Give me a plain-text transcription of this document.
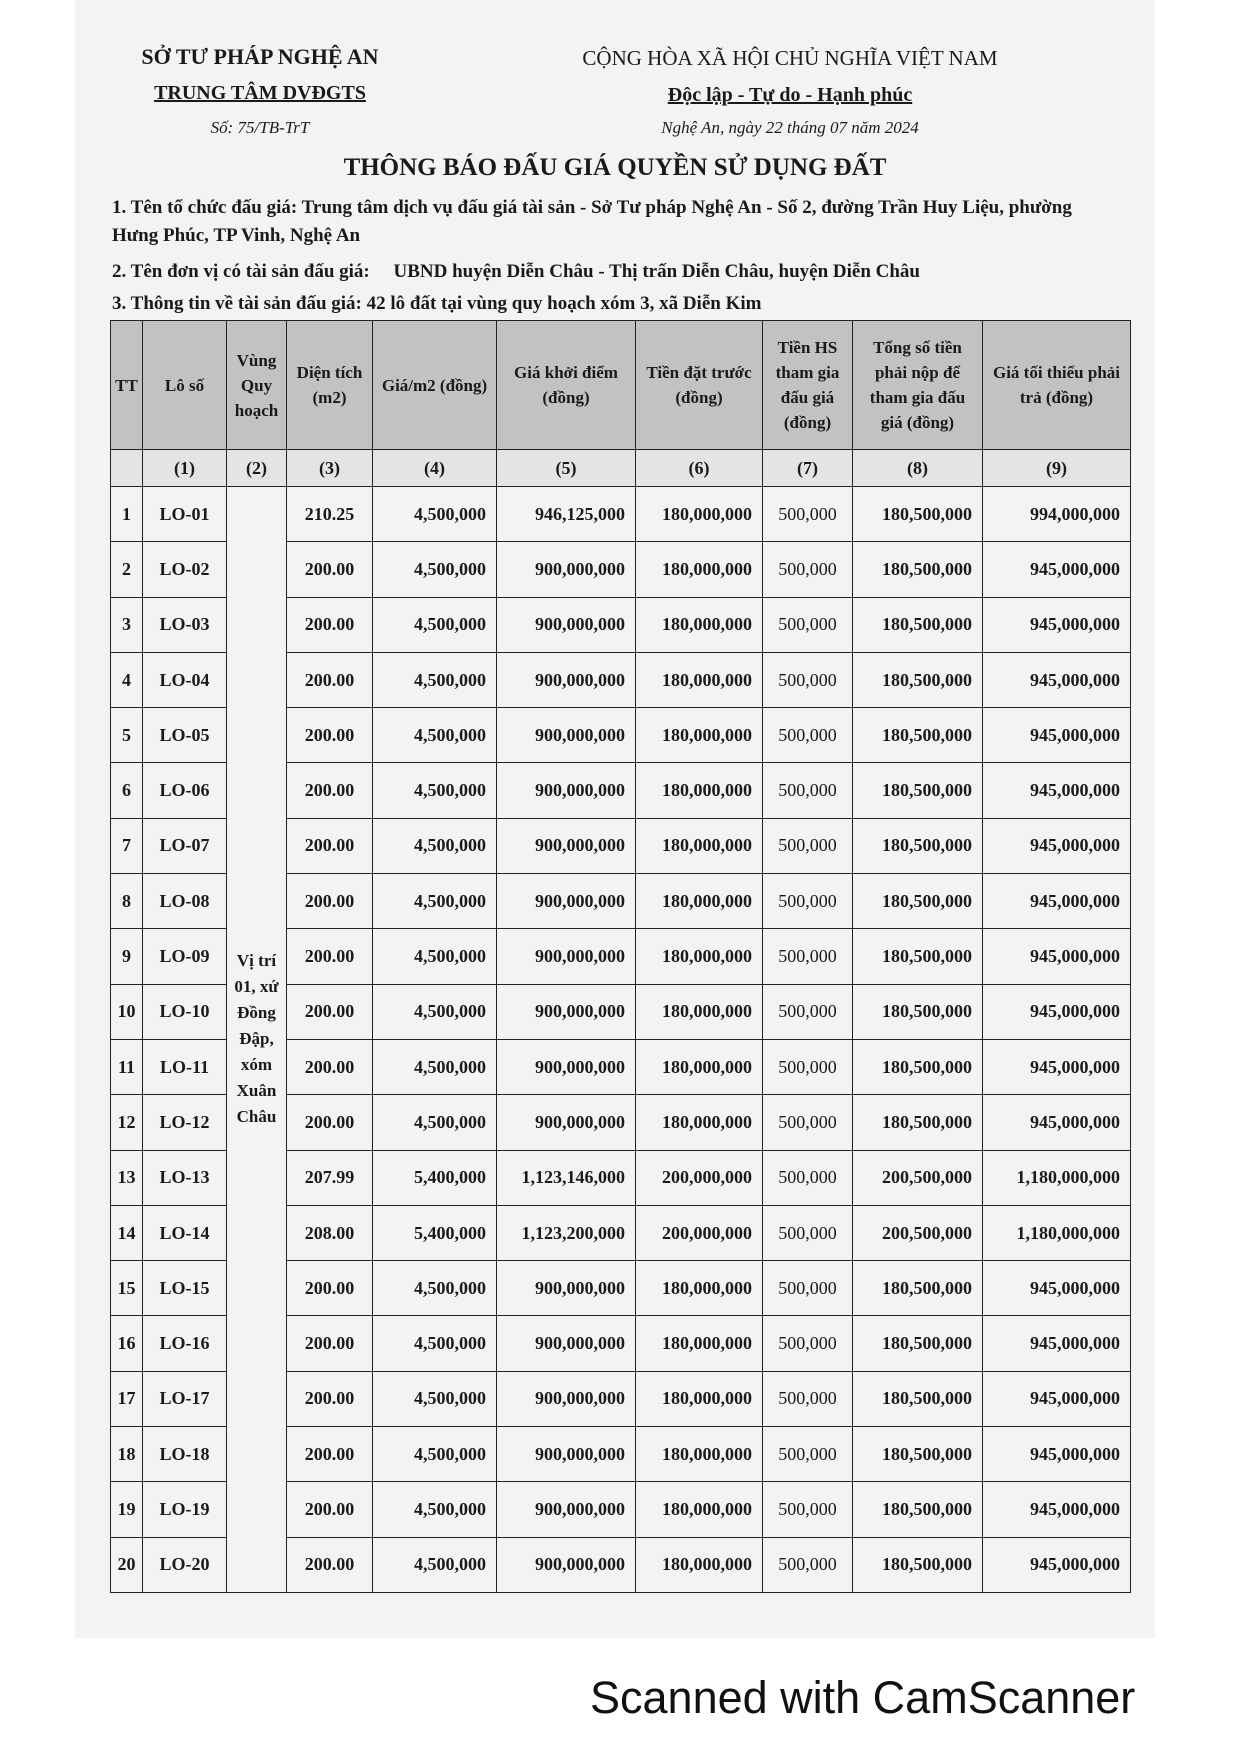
SỞ TƯ PHÁP NGHỆ AN
TRUNG TÂM DVĐGTS
Số: 75/TB-TrT
CỘNG HÒA XÃ HỘI CHỦ NGHĨA VIỆT NAM
Độc lập - Tự do - Hạnh phúc
Nghệ An, ngày 22 tháng 07 năm 2024
THÔNG BÁO ĐẤU GIÁ QUYỀN SỬ DỤNG ĐẤT
1. Tên tổ chức đấu giá: Trung tâm dịch vụ đấu giá tài sản - Sở Tư pháp Nghệ An - Số 2, đường Trần Huy Liệu, phường Hưng Phúc, TP Vinh, Nghệ An
2. Tên đơn vị có tài sản đấu giá:     UBND huyện Diễn Châu - Thị trấn Diễn Châu, huyện Diễn Châu
3. Thông tin về tài sản đấu giá: 42 lô đất tại vùng quy hoạch xóm 3, xã Diễn Kim
TT	Lô số	Vùng Quy hoạch	Diện tích (m2)	Giá/m2 (đồng)	Giá khởi điểm (đồng)	Tiền đặt trước (đồng)	Tiền HS tham gia đấu giá (đồng)	Tổng số tiền phải nộp để tham gia đấu giá (đồng)	Giá tối thiểu phải trả (đồng)
	(1)	(2)	(3)	(4)	(5)	(6)	(7)	(8)	(9)
1	LO-01	Vị trí 01, xứ Đồng Đập, xóm Xuân Châu	210.25	4,500,000	946,125,000	180,000,000	500,000	180,500,000	994,000,000
2	LO-02		200.00	4,500,000	900,000,000	180,000,000	500,000	180,500,000	945,000,000
3	LO-03		200.00	4,500,000	900,000,000	180,000,000	500,000	180,500,000	945,000,000
4	LO-04		200.00	4,500,000	900,000,000	180,000,000	500,000	180,500,000	945,000,000
5	LO-05		200.00	4,500,000	900,000,000	180,000,000	500,000	180,500,000	945,000,000
6	LO-06		200.00	4,500,000	900,000,000	180,000,000	500,000	180,500,000	945,000,000
7	LO-07		200.00	4,500,000	900,000,000	180,000,000	500,000	180,500,000	945,000,000
8	LO-08		200.00	4,500,000	900,000,000	180,000,000	500,000	180,500,000	945,000,000
9	LO-09		200.00	4,500,000	900,000,000	180,000,000	500,000	180,500,000	945,000,000
10	LO-10		200.00	4,500,000	900,000,000	180,000,000	500,000	180,500,000	945,000,000
11	LO-11		200.00	4,500,000	900,000,000	180,000,000	500,000	180,500,000	945,000,000
12	LO-12		200.00	4,500,000	900,000,000	180,000,000	500,000	180,500,000	945,000,000
13	LO-13		207.99	5,400,000	1,123,146,000	200,000,000	500,000	200,500,000	1,180,000,000
14	LO-14		208.00	5,400,000	1,123,200,000	200,000,000	500,000	200,500,000	1,180,000,000
15	LO-15		200.00	4,500,000	900,000,000	180,000,000	500,000	180,500,000	945,000,000
16	LO-16		200.00	4,500,000	900,000,000	180,000,000	500,000	180,500,000	945,000,000
17	LO-17		200.00	4,500,000	900,000,000	180,000,000	500,000	180,500,000	945,000,000
18	LO-18		200.00	4,500,000	900,000,000	180,000,000	500,000	180,500,000	945,000,000
19	LO-19		200.00	4,500,000	900,000,000	180,000,000	500,000	180,500,000	945,000,000
20	LO-20		200.00	4,500,000	900,000,000	180,000,000	500,000	180,500,000	945,000,000
Scanned with CamScanner
